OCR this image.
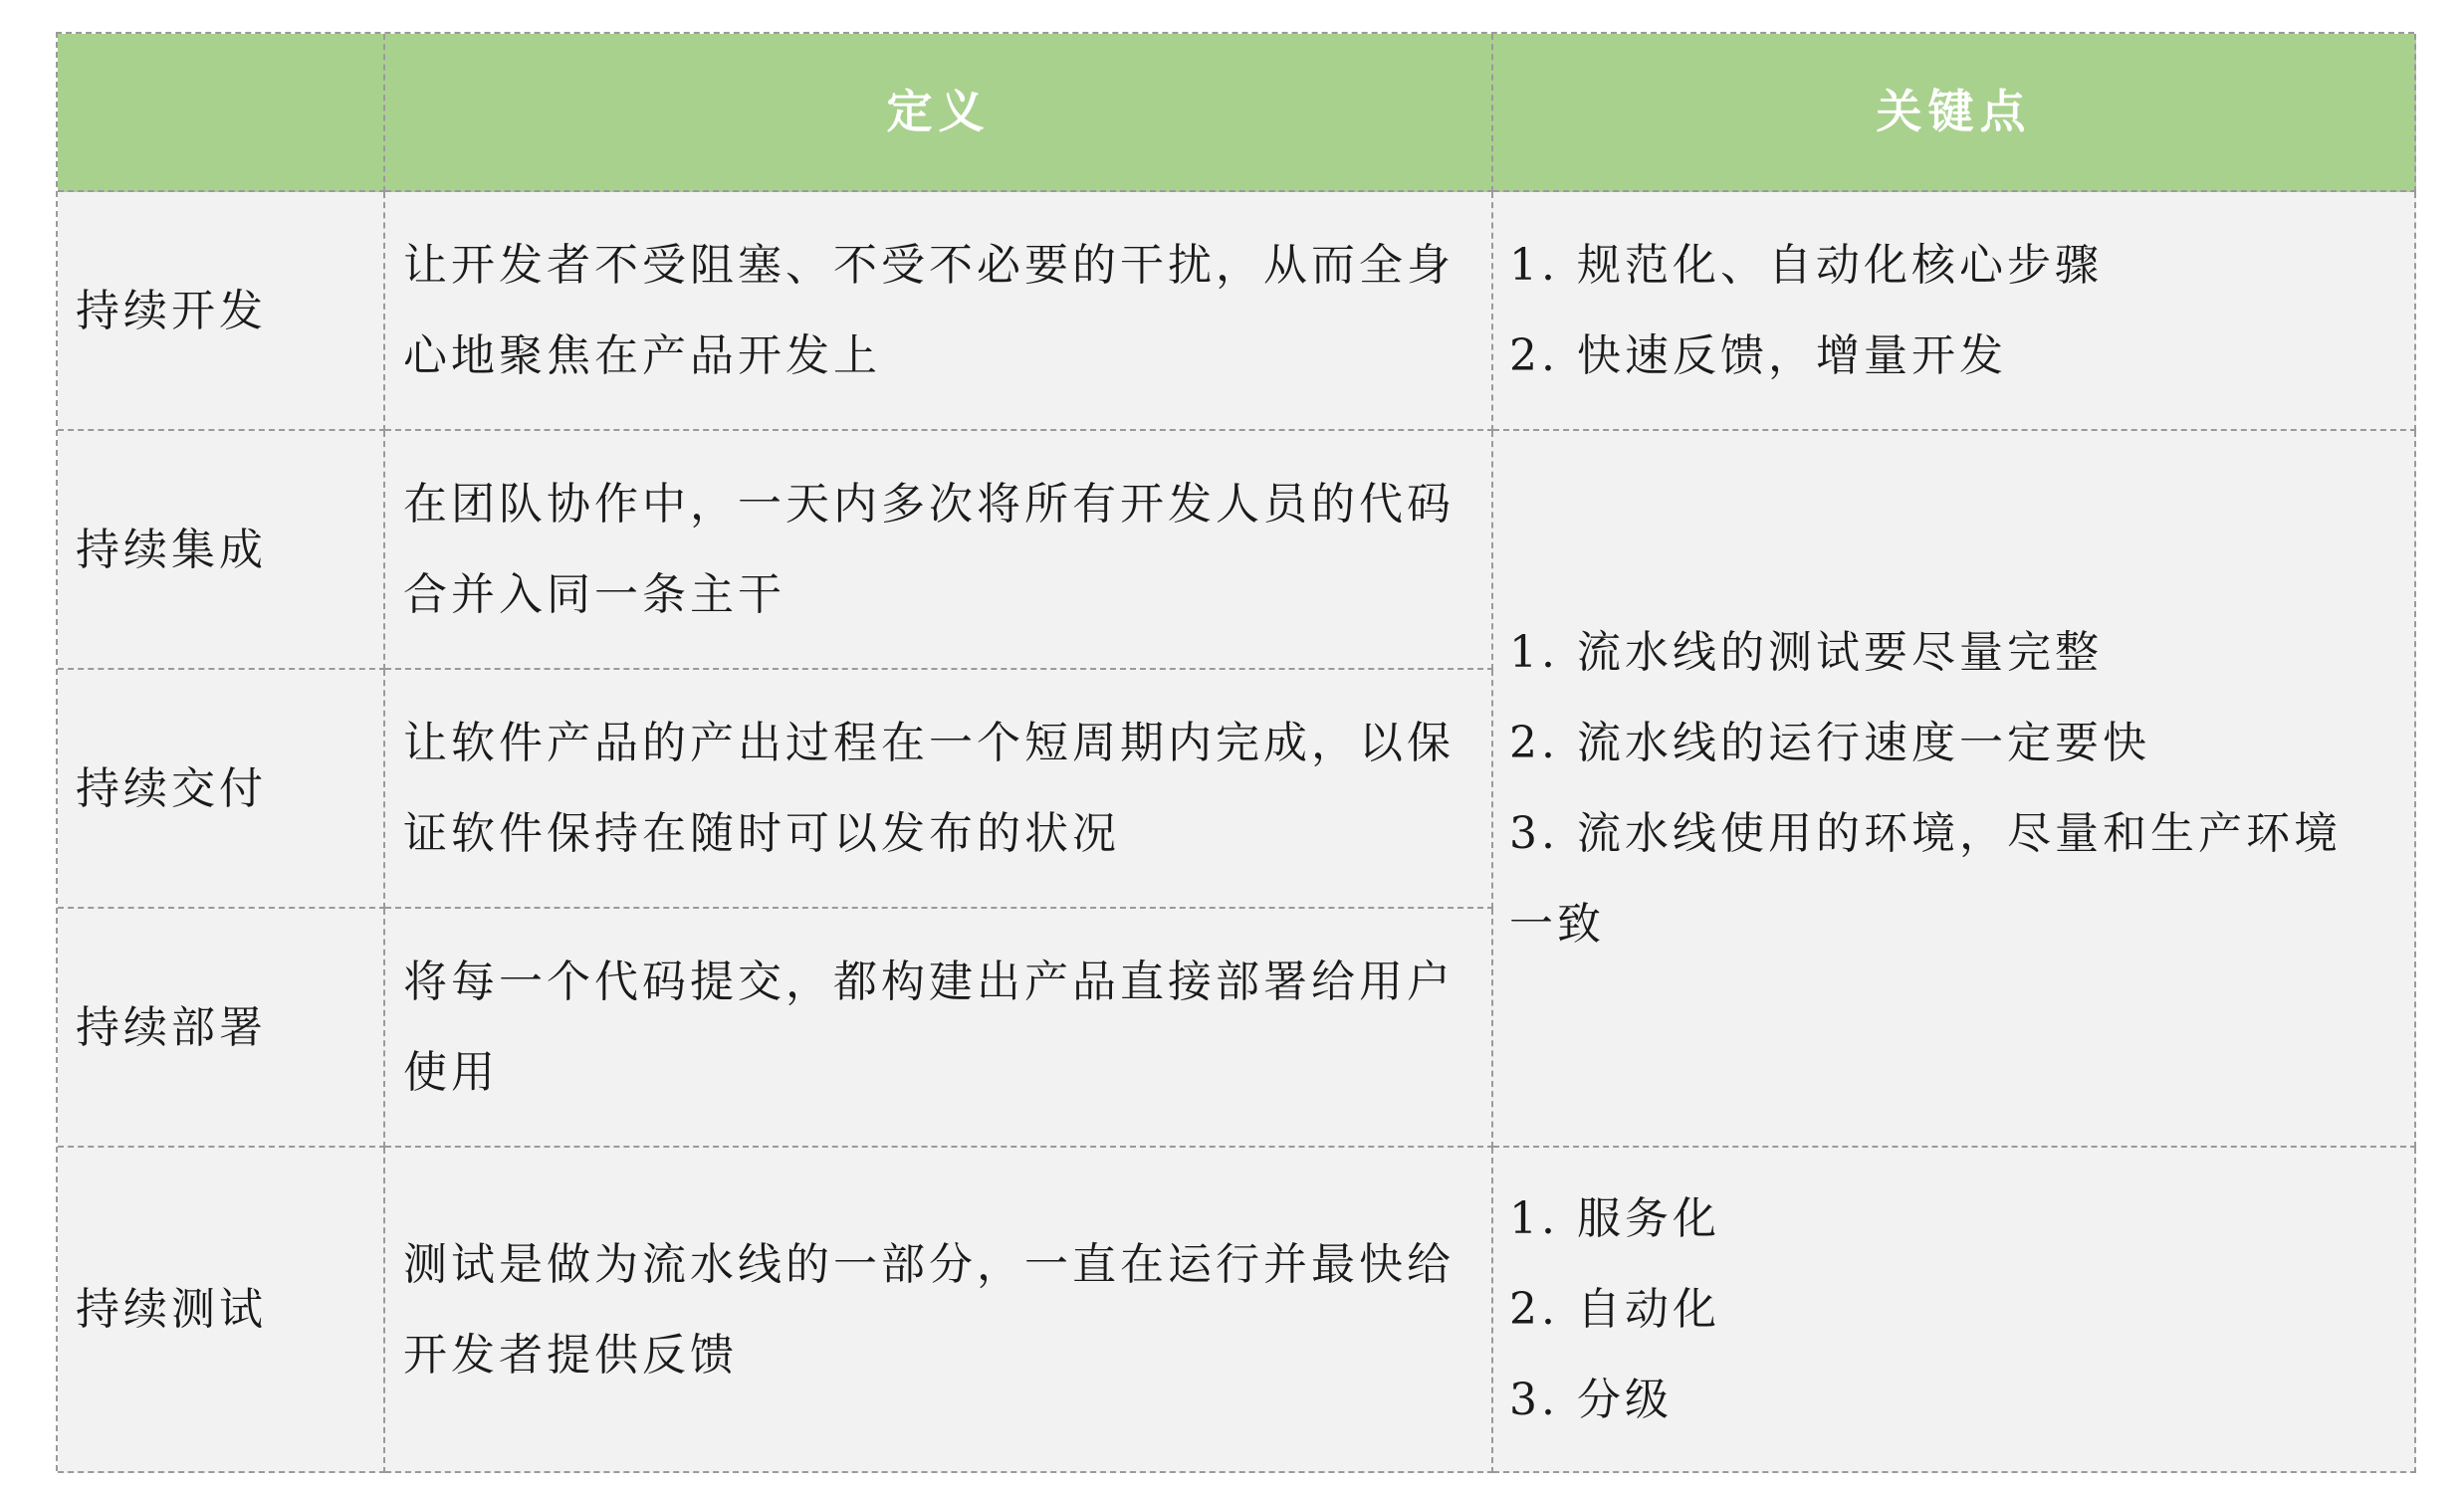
定义	关键点
持续开发
让开发者不受阻塞、不受不必要的干扰，从而全身心地聚焦在产品开发上
1. 规范化、自动化核心步骤
2. 快速反馈，增量开发
持续集成
在团队协作中，一天内多次将所有开发人员的代码合并入同一条主干
1. 流水线的测试要尽量完整
2. 流水线的运行速度一定要快
3. 流水线使用的环境，尽量和生产环境一致
持续交付
让软件产品的产出过程在一个短周期内完成，以保证软件保持在随时可以发布的状况
持续部署
将每一个代码提交，都构建出产品直接部署给用户使用
持续测试
测试是做为流水线的一部分，一直在运行并最快给开发者提供反馈
1. 服务化
2. 自动化
3. 分级
